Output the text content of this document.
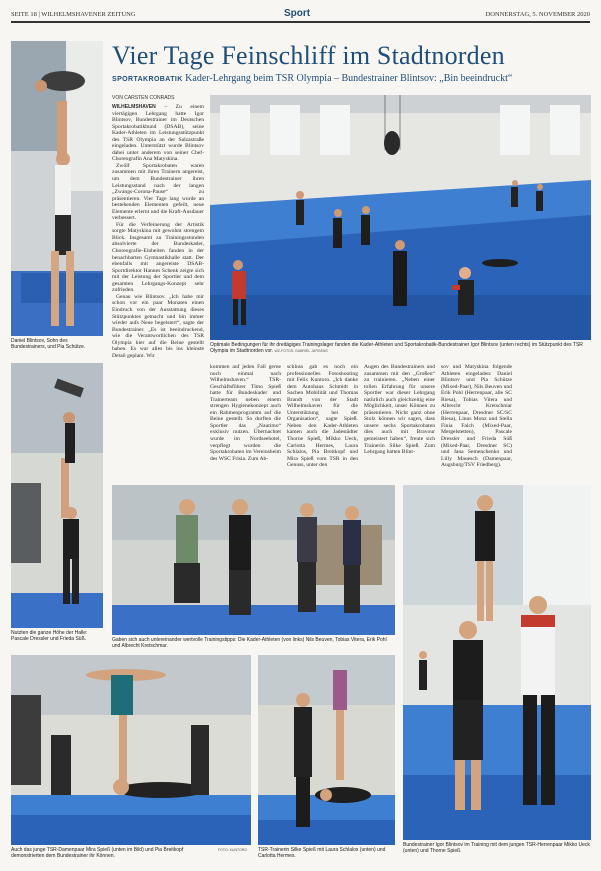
SEITE 18 | WILHELMSHAVENER ZEITUNG	Sport	DONNERSTAG, 5. NOVEMBER 2020
Vier Tage Feinschliff im Stadtnorden
SPORTAKROBATIK Kader-Lehrgang beim TSR Olympia – Bundestrainer Blintsov: „Bin beeindruckt“
VON CARSTEN CONRADS
Daniel Blintsov, Sohn des Bundestrainers, und Pia Schütze.
Nutzten die ganze Höhe der Halle: Pascale Dressler und Frieda Süß.

WILHELMSHAVEN – Zu einem viertägigen Lehrgang hatte Igor Blintsov, Bundestrainer im Deutschen Sportakrobatikbund (DSAB), seine Kader-Athleten im Leistungsstützpunkt des TSR Olympia an der Salzastraße eingeladen. Unterstützt wurde Blintsov dabei unter anderem von seiner Chef-Choreografin Ana Matyskina.

Zwölf Sportakrobaten waren zusammen mit ihren Trainern angereist, um dem Bundestrainer ihren Leistungsstand nach der langen „Zwangs-Corona-Pause“ zu präsentieren. Vier Tage lang wurde an bestehenden Elementen gefeilt, neue Elemente erlernt und die Kraft-Ausdauer verbessert.

Für die Verfeinerung der Artistik sorgte Matyskina mit gewohnt strengem Blick. Insgesamt zu Trainingsstunden absolvierte der Bundeskader, Choreografie-Einheiten fanden in der benachbarten Gymnastikhalle statt. Der ebenfalls mit angereiste DSAB-Sportdirektor Hannes Schenk zeigte sich mit der Leistung der Sportler und dem gesamten Lehrgangs-Konzept sehr zufrieden.

Genau wie Blintsov. „Ich habe mir schon vor ein paar Monaten einen Eindruck von der Ausstattung dieses Stützpunktes gemacht und bin immer wieder aufs Neue begeistert“, sagte der Bundestrainer. „Es ist beeindruckend, wie die Verantwortlichen des TSR Olympia hier auf die Beine gestellt haben. Es war alles bis ins kleinste Detail geplant. Wir

Optimale Bedingungen für ihr dreitägiges Trainingslager fanden die Kader-Athleten und Sportakrobatik-Bundestrainer Igor Blintsov (unten rechts) im Stützpunkt des TSR Olympia im Stadtnorden vor. WZ-FOTOS: GABRIEL JÜRGENS
kommen auf jeden Fall gerne noch einmal nach Wilhelmshaven.“ TSR-Geschäftsführer Timo Spieß hatte für Bundeskader und Trainerteam neben einem strengen Hygienekonzept auch ein Rahmenprogramm auf die Beine gestellt. So durften die Sportler das „Nautimo“ exklusiv nutzen. Übernachtet wurde im Nordseehotel, verpflegt wurden die Sportakrobaten im Vereinsheim des WSC Frisia. Zum Ab-
schluss gab es noch ein professionelles Fotoshooting mit Felix Kuntoro. „Ich danke dem Autohaus Schmidt in Sachen Mobilität und Thomas Brandt von der Stadt Wilhelmshaven für die Unterstützung bei der Organisation“, sagte Spieß. Neben den Kader-Athleten kamen auch die Jadestädter Thorne Spieß, Mikko Ueck, Carlotta Hermes, Laura Schlalos, Pia Breitkopf und Mira Spieß vom TSR in den Genuss, unter den
Augen des Bundestrainers und zusammen mit den „Großen“ zu trainieren. „Neben einer tollen Erfahrung für unsere Sportler war dieser Lehrgang natürlich auch gleichzeitig eine Möglichkeit, unser Können zu präsentieren. Nicht ganz ohne Stolz können wir sagen, dass unsere sechs Sportakrobaten dies auch mit Bravour gemeistert haben“, freute sich Trainerin Silke Spieß. Zum Lehrgang hatten Blint-
sov und Matyskina folgende Athleten eingeladen: Daniel Blintsov und Pia Schütze (Mixed-Paar), Nils Beuven und Erik Pohl (Herrenpaar, alle SC Riesa), Tobias Vitera und Albrecht Kretschmar (Herrenpaar, Dresdner SC/SC Riesa), Linus Monz und Stella Finia Falch (Mixed-Paar, Mergelstetten), Pascale Dressler und Frieda Süß (Mixed-Paar, Dresdner SC) und Jana Semenchenko und Lilly Mauesch (Damenpaar, Augsburg/TSV Friedberg).
Gaben sich auch untereinander wertvolle Trainingstipps: Die Kader-Athleten (von links) Nils Beuven, Tobias Vitera, Erik Pohl und Albrecht Kretschmar.
Bundestrainer Igor Blintsov im Training mit dem jungen TSR-Herrenpaar Mikko Ueck (unten) und Thorne Spieß.
Auch das junge TSR-Damenpaar Mira Spieß (unten im Bild) und Pia Breitkopf demonstrierten dem Bundestrainer ihr Können.
FOTO: KUNTORO TSR-Trainerin Silke Spieß mit Laura Schlalos (unten) und Carlotta Hermes.
